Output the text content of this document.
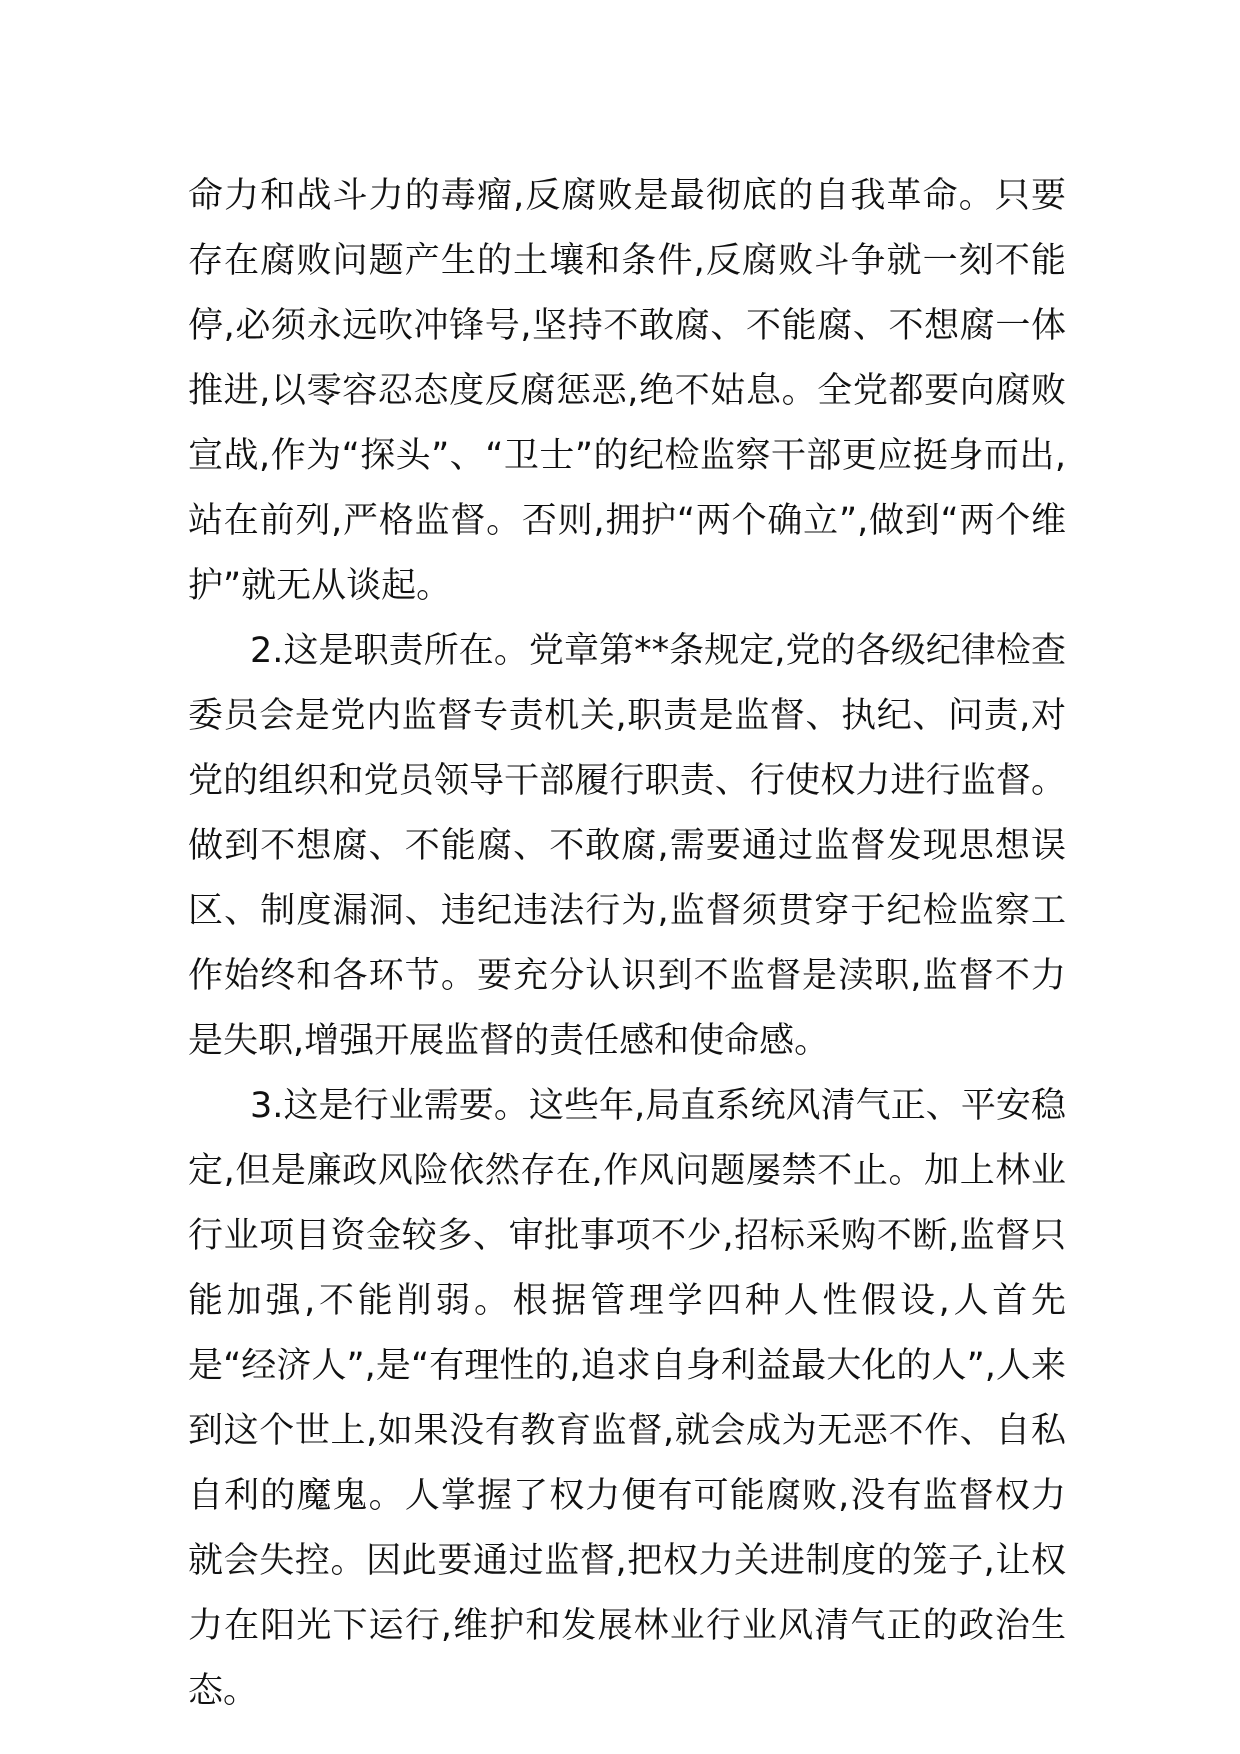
命力和战斗力的毒瘤,反腐败是最彻底的自我革命。只要存在腐败问题产生的土壤和条件,反腐败斗争就一刻不能停,必须永远吹冲锋号,坚持不敢腐、不能腐、不想腐一体推进,以零容忍态度反腐惩恶,绝不姑息。全党都要向腐败宣战,作为“探头”、“卫士”的纪检监察干部更应挺身而出,站在前列,严格监督。否则,拥护“两个确立”,做到“两个维护”就无从谈起。

2.这是职责所在。党章第**条规定,党的各级纪律检查委员会是党内监督专责机关,职责是监督、执纪、问责,对党的组织和党员领导干部履行职责、行使权力进行监督。做到不想腐、不能腐、不敢腐,需要通过监督发现思想误区、制度漏洞、违纪违法行为,监督须贯穿于纪检监察工作始终和各环节。要充分认识到不监督是渎职,监督不力是失职,增强开展监督的责任感和使命感。

3.这是行业需要。这些年,局直系统风清气正、平安稳定,但是廉政风险依然存在,作风问题屡禁不止。加上林业行业项目资金较多、审批事项不少,招标采购不断,监督只能加强,不能削弱。根据管理学四种人性假设,人首先是“经济人”,是“有理性的,追求自身利益最大化的人”,人来到这个世上,如果没有教育监督,就会成为无恶不作、自私自利的魔鬼。人掌握了权力便有可能腐败,没有监督权力就会失控。因此要通过监督,把权力关进制度的笼子,让权力在阳光下运行,维护和发展林业行业风清气正的政治生态。
